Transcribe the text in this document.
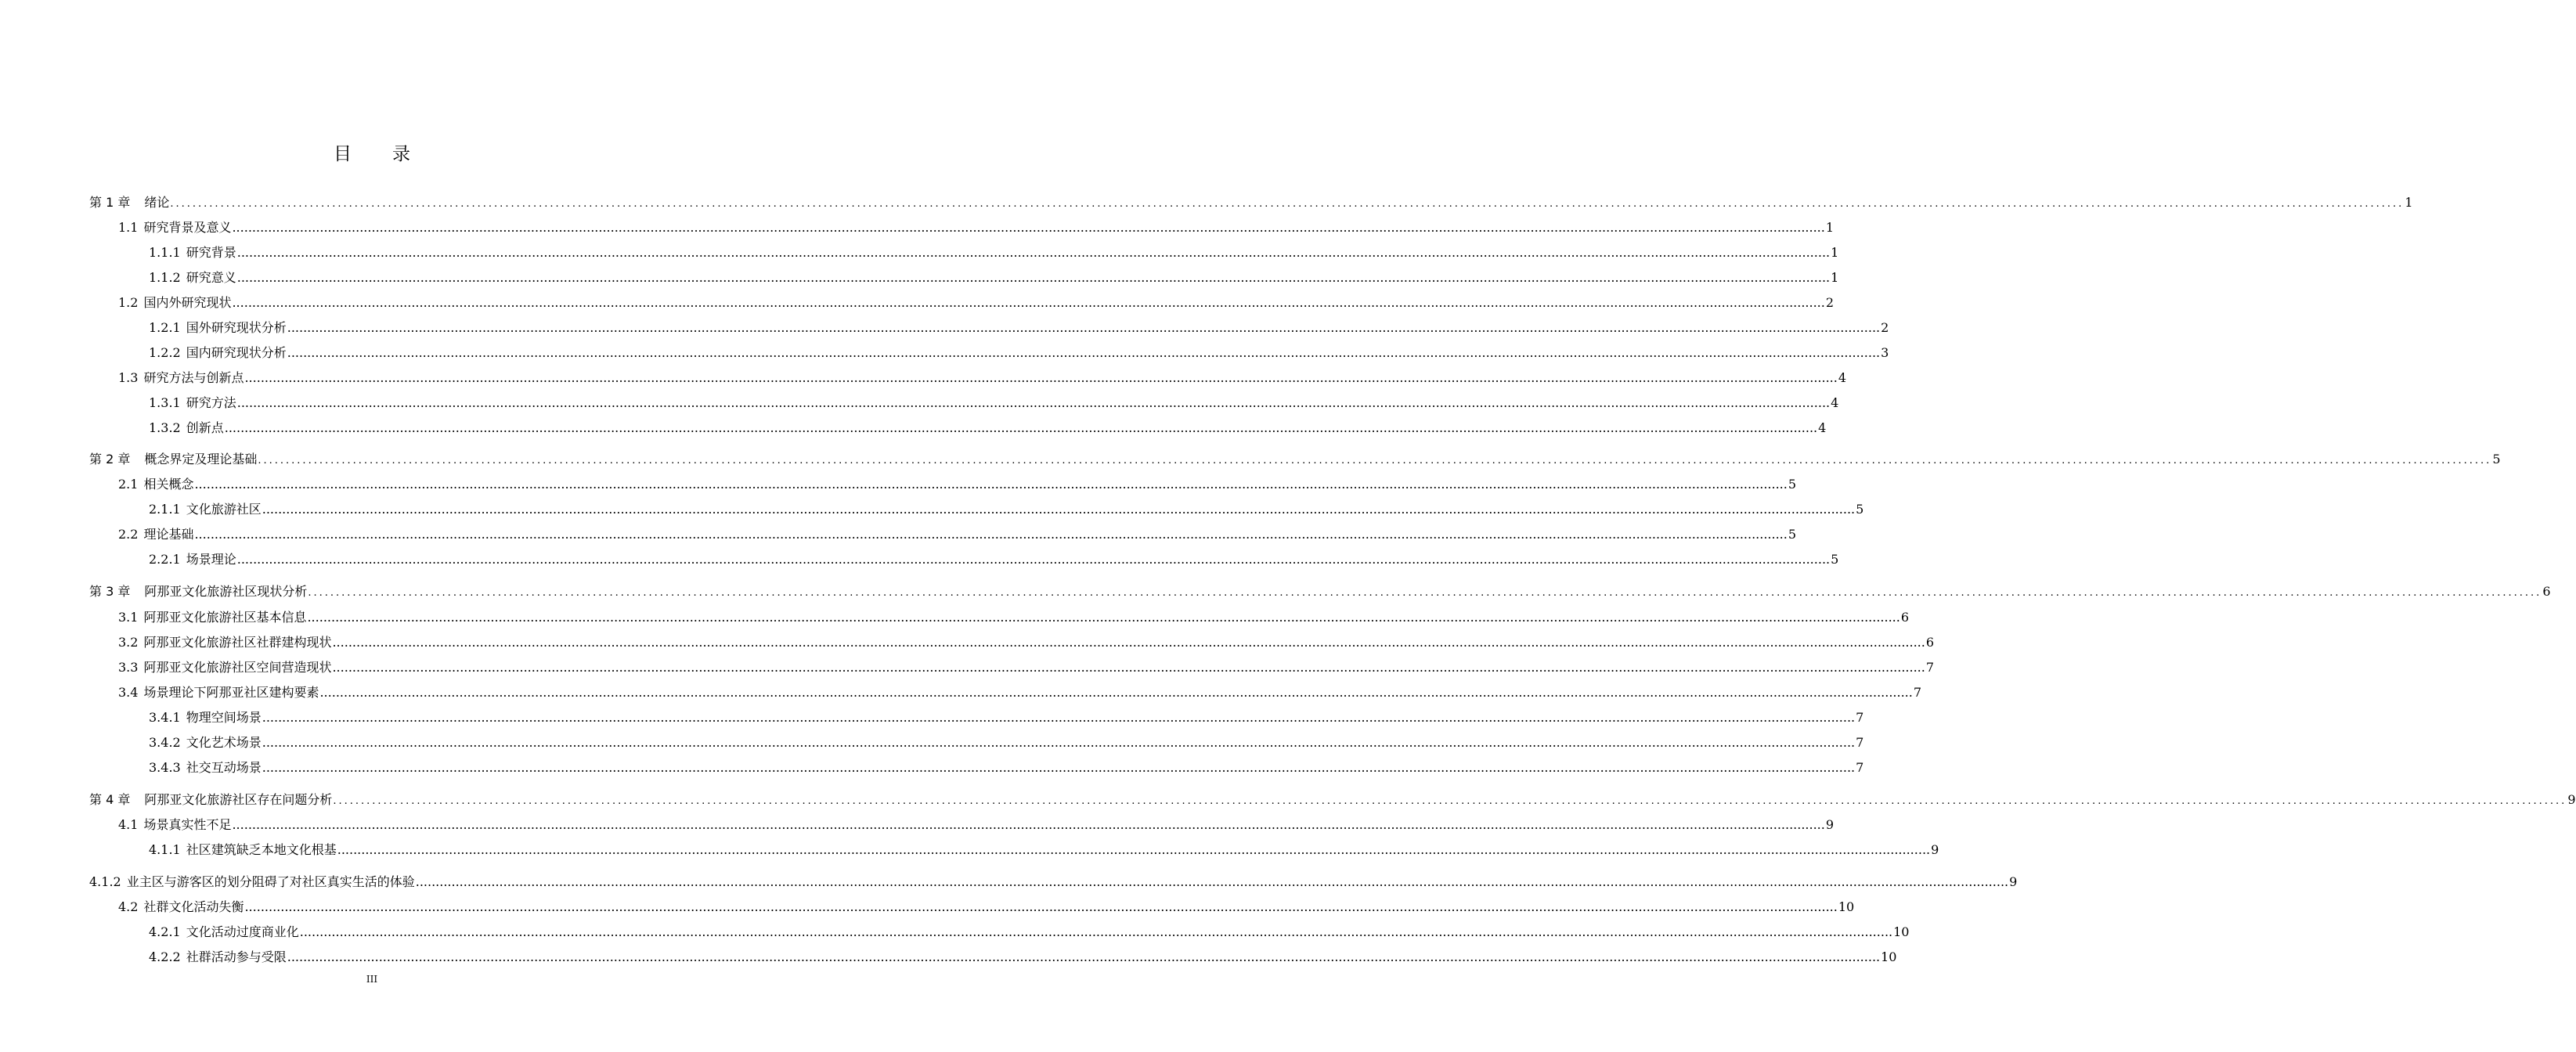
目 录
第 1 章 绪论 ................................................................................................................................................................................................................................................................................................................................................................................................................ 1
1.1 研究背景及意义 ................................................................................................................................................................................................................................................................................................................................................................................................................ 1
1.1.1 研究背景 ................................................................................................................................................................................................................................................................................................................................................................................................................ 1
1.1.2 研究意义 ................................................................................................................................................................................................................................................................................................................................................................................................................ 1
1.2 国内外研究现状 ................................................................................................................................................................................................................................................................................................................................................................................................................ 2
1.2.1 国外研究现状分析 ................................................................................................................................................................................................................................................................................................................................................................................................................ 2
1.2.2 国内研究现状分析 ................................................................................................................................................................................................................................................................................................................................................................................................................ 3
1.3 研究方法与创新点 ................................................................................................................................................................................................................................................................................................................................................................................................................ 4
1.3.1 研究方法 ................................................................................................................................................................................................................................................................................................................................................................................................................ 4
1.3.2 创新点 ................................................................................................................................................................................................................................................................................................................................................................................................................ 4
第 2 章 概念界定及理论基础 ................................................................................................................................................................................................................................................................................................................................................................................................................ 5
2.1 相关概念 ................................................................................................................................................................................................................................................................................................................................................................................................................ 5
2.1.1 文化旅游社区 ................................................................................................................................................................................................................................................................................................................................................................................................................ 5
2.2 理论基础 ................................................................................................................................................................................................................................................................................................................................................................................................................ 5
2.2.1 场景理论 ................................................................................................................................................................................................................................................................................................................................................................................................................ 5
第 3 章 阿那亚文化旅游社区现状分析 ................................................................................................................................................................................................................................................................................................................................................................................................................ 6
3.1 阿那亚文化旅游社区基本信息 ................................................................................................................................................................................................................................................................................................................................................................................................................ 6
3.2 阿那亚文化旅游社区社群建构现状 ................................................................................................................................................................................................................................................................................................................................................................................................................ 6
3.3 阿那亚文化旅游社区空间营造现状 ................................................................................................................................................................................................................................................................................................................................................................................................................ 7
3.4 场景理论下阿那亚社区建构要素 ................................................................................................................................................................................................................................................................................................................................................................................................................ 7
3.4.1 物理空间场景 ................................................................................................................................................................................................................................................................................................................................................................................................................ 7
3.4.2 文化艺术场景 ................................................................................................................................................................................................................................................................................................................................................................................................................ 7
3.4.3 社交互动场景 ................................................................................................................................................................................................................................................................................................................................................................................................................ 7
第 4 章 阿那亚文化旅游社区存在问题分析 ................................................................................................................................................................................................................................................................................................................................................................................................................ 9
4.1 场景真实性不足 ................................................................................................................................................................................................................................................................................................................................................................................................................ 9
4.1.1 社区建筑缺乏本地文化根基 ................................................................................................................................................................................................................................................................................................................................................................................................................ 9
4.1.2 业主区与游客区的划分阻碍了对社区真实生活的体验 ................................................................................................................................................................................................................................................................................................................................................................................................................ 9
4.2 社群文化活动失衡 ................................................................................................................................................................................................................................................................................................................................................................................................................ 10
4.2.1 文化活动过度商业化 ................................................................................................................................................................................................................................................................................................................................................................................................................ 10
4.2.2 社群活动参与受限 ................................................................................................................................................................................................................................................................................................................................................................................................................ 10
III
